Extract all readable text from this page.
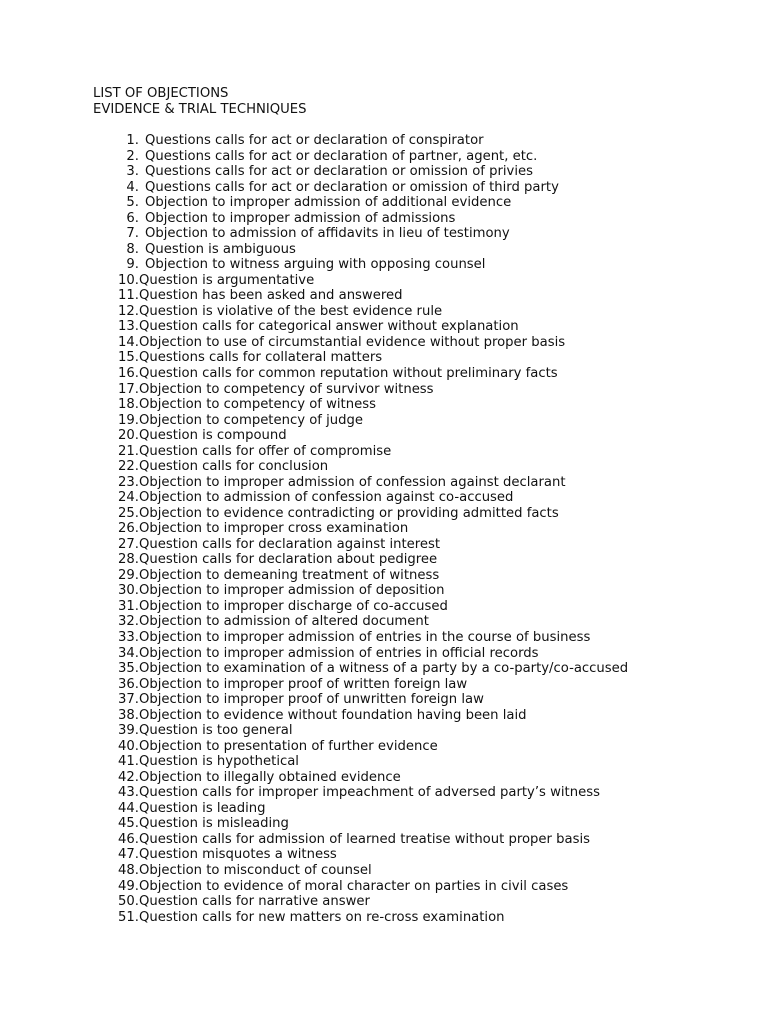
LIST OF OBJECTIONS
EVIDENCE & TRIAL TECHNIQUES
1. Questions calls for act or declaration of conspirator
2. Questions calls for act or declaration of partner, agent, etc.
3. Questions calls for act or declaration or omission of privies
4. Questions calls for act or declaration or omission of third party
5. Objection to improper admission of additional evidence
6. Objection to improper admission of admissions
7. Objection to admission of affidavits in lieu of testimony
8. Question is ambiguous
9. Objection to witness arguing with opposing counsel
10.Question is argumentative
11.Question has been asked and answered
12.Question is violative of the best evidence rule
13.Question calls for categorical answer without explanation
14.Objection to use of circumstantial evidence without proper basis
15.Questions calls for collateral matters
16.Question calls for common reputation without preliminary facts
17.Objection to competency of survivor witness
18.Objection to competency of witness
19.Objection to competency of judge
20.Question is compound
21.Question calls for offer of compromise
22.Question calls for conclusion
23.Objection to improper admission of confession against declarant
24.Objection to admission of confession against co-accused
25.Objection to evidence contradicting or providing admitted facts
26.Objection to improper cross examination
27.Question calls for declaration against interest
28.Question calls for declaration about pedigree
29.Objection to demeaning treatment of witness
30.Objection to improper admission of deposition
31.Objection to improper discharge of co-accused
32.Objection to admission of altered document
33.Objection to improper admission of entries in the course of business
34.Objection to improper admission of entries in official records
35.Objection to examination of a witness of a party by a co-party/co-accused
36.Objection to improper proof of written foreign law
37.Objection to improper proof of unwritten foreign law
38.Objection to evidence without foundation having been laid
39.Question is too general
40.Objection to presentation of further evidence
41.Question is hypothetical
42.Objection to illegally obtained evidence
43.Question calls for improper impeachment of adversed party’s witness
44.Question is leading
45.Question is misleading
46.Question calls for admission of learned treatise without proper basis
47.Question misquotes a witness
48.Objection to misconduct of counsel
49.Objection to evidence of moral character on parties in civil cases
50.Question calls for narrative answer
51.Question calls for new matters on re-cross examination
